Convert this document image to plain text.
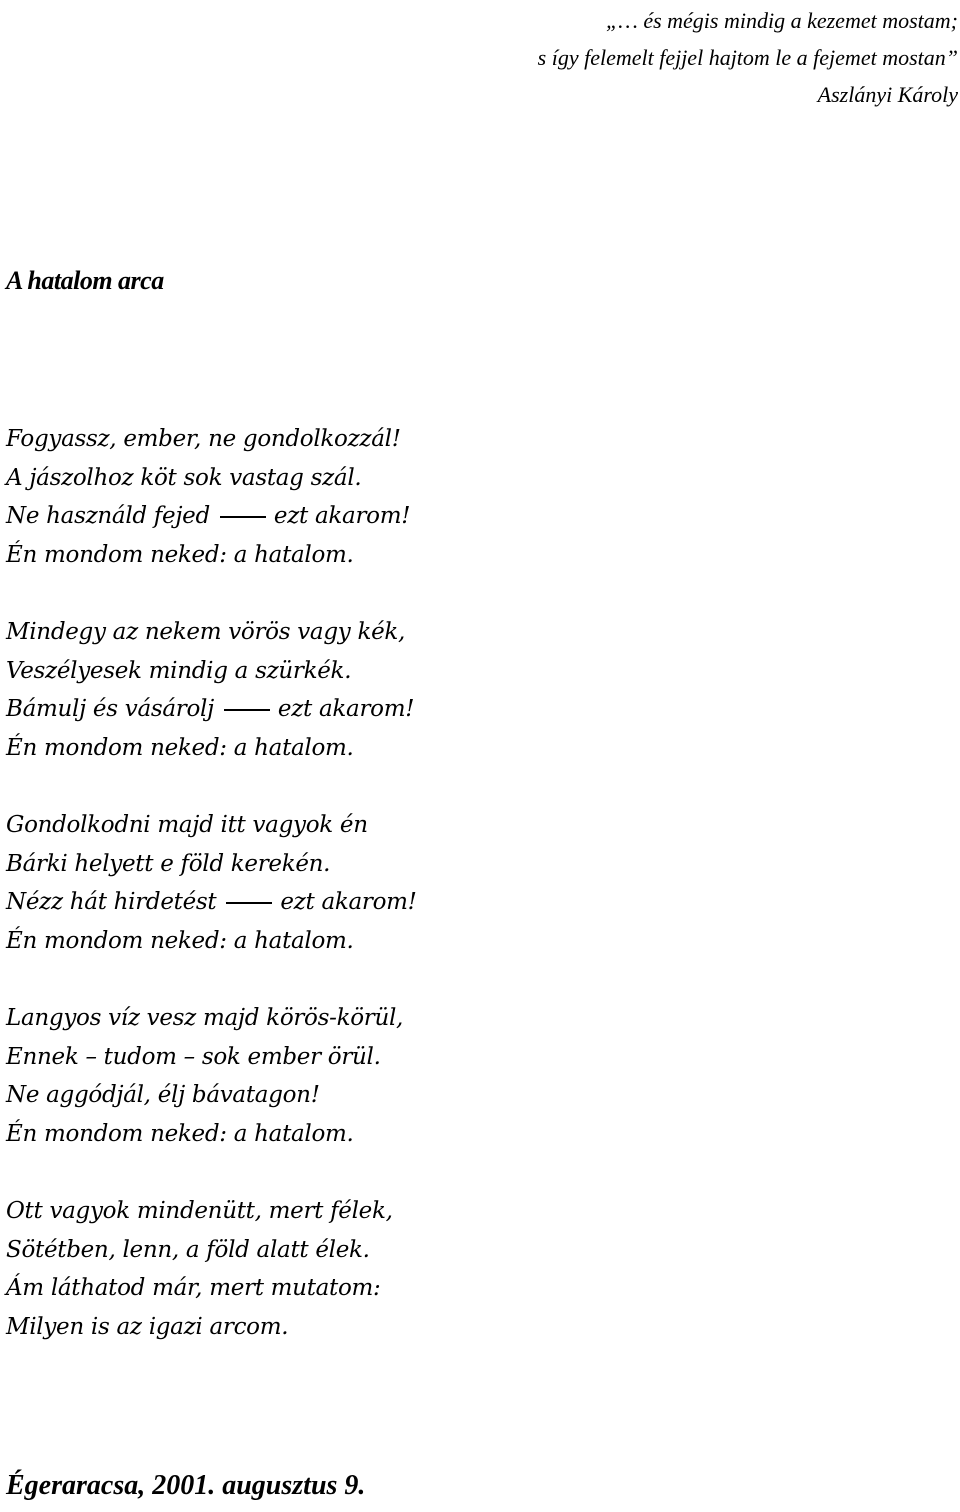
„… és mégis mindig a kezemet mostam;
s így felemelt fejjel hajtom le a fejemet mostan”
Aszlányi Károly
A hatalom arca
Fogyassz, ember, ne gondolkozzál!
A jászolhoz köt sok vastag szál.
Ne használd fejed	ezt akarom!
Én mondom neked: a hatalom.
Mindegy az nekem vörös vagy kék,
Veszélyesek mindig a szürkék.
Bámulj és vásárolj	ezt akarom!
Én mondom neked: a hatalom.
Gondolkodni majd itt vagyok én
Bárki helyett e föld kerekén.
Nézz hát hirdetést	ezt akarom!
Én mondom neked: a hatalom.
Langyos víz vesz majd körös-körül,
Ennek – tudom – sok ember örül.
Ne aggódjál, élj bávatagon!
Én mondom neked: a hatalom.
Ott vagyok mindenütt, mert félek,
Sötétben, lenn, a föld alatt élek.
Ám láthatod már, mert mutatom:
Milyen is az igazi arcom.
Égeraracsa, 2001. augusztus 9.
